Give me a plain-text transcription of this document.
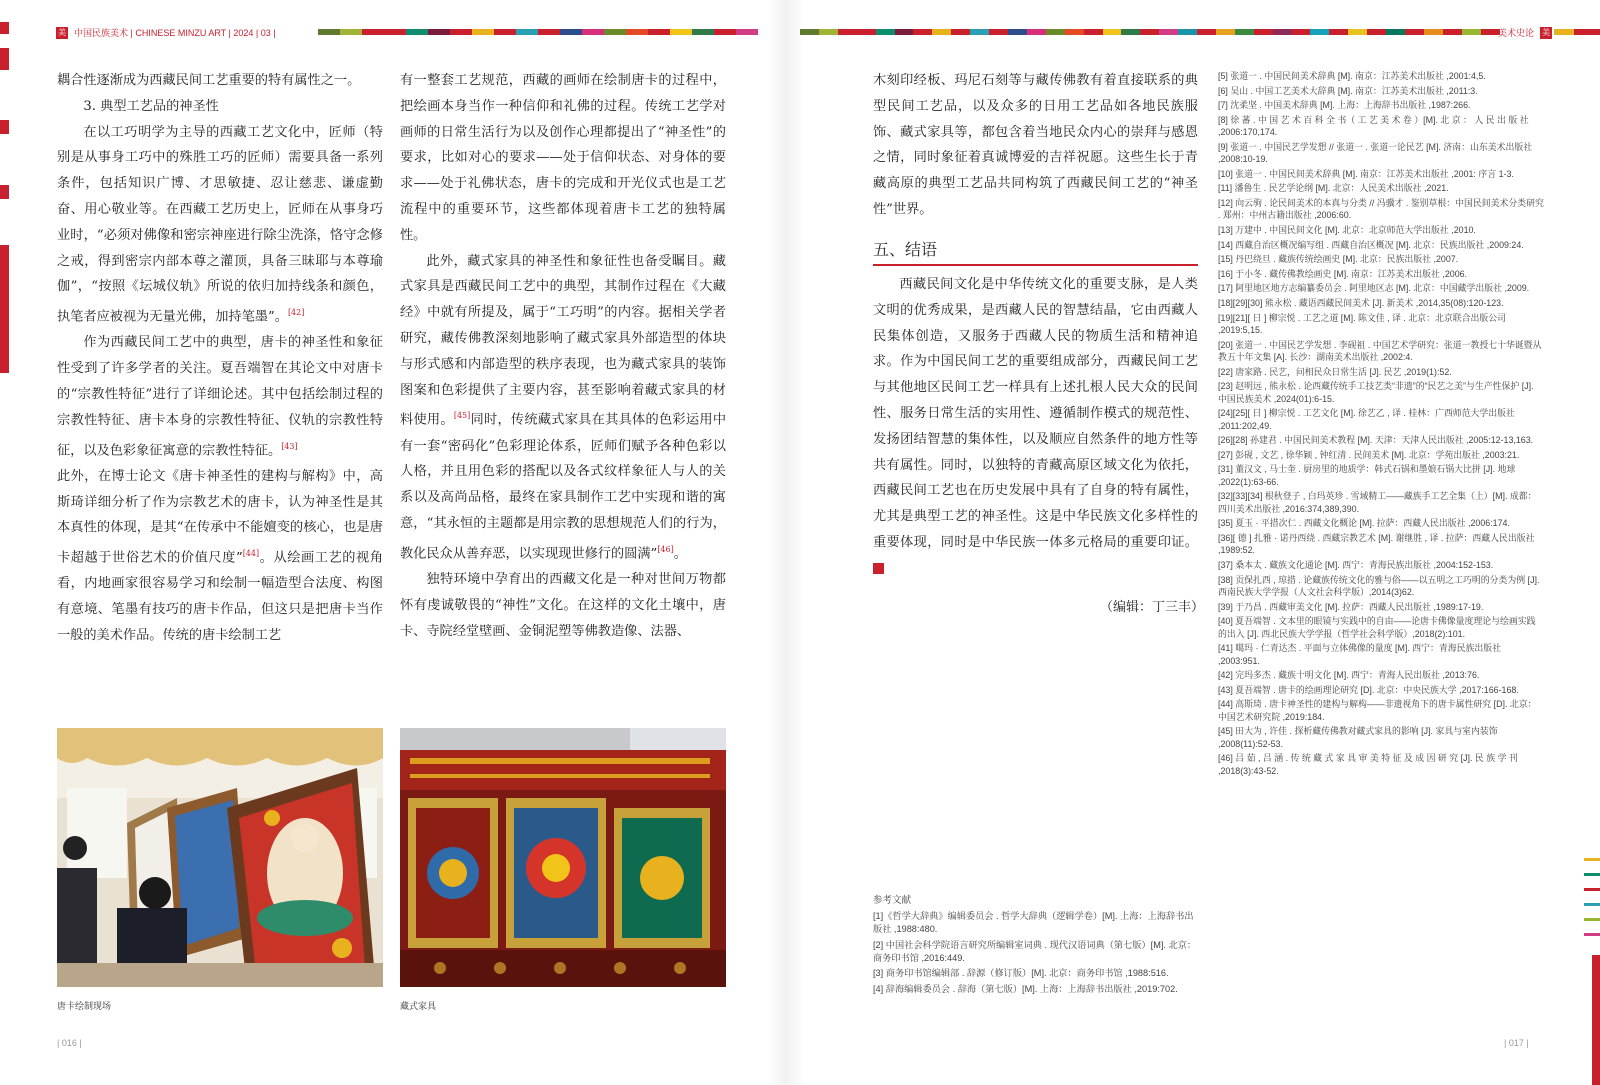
美 中国民族美术 | CHINESE MINZU ART | 2024 | 03 |	美术史论 美

耦合性逐渐成为西藏民间工艺重要的特有属性之一。

3. 典型工艺品的神圣性

在以工巧明学为主导的西藏工艺文化中，匠师（特别是从事身工巧中的殊胜工巧的匠师）需要具备一系列条件，包括知识广博、才思敏捷、忍让慈悲、谦虚勤奋、用心敬业等。在西藏工艺历史上，匠师在从事身巧业时，“必须对佛像和密宗神座进行除尘洗涤，恪守念修之戒，得到密宗内部本尊之灌顶，具备三昧耶与本尊瑜伽”，“按照《坛城仪轨》所说的依归加持线条和颜色，执笔者应被视为无量光佛，加持笔墨”。[42]

作为西藏民间工艺中的典型，唐卡的神圣性和象征性受到了许多学者的关注。夏吾端智在其论文中对唐卡的“宗教性特征”进行了详细论述。其中包括绘制过程的宗教性特征、唐卡本身的宗教性特征、仪轨的宗教性特征，以及色彩象征寓意的宗教性特征。[43]

此外，在博士论文《唐卡神圣性的建构与解构》中，高斯琦详细分析了作为宗教艺术的唐卡，认为神圣性是其本真性的体现，是其“在传承中不能嬗变的核心，也是唐卡超越于世俗艺术的价值尺度”[44]。从绘画工艺的视角看，内地画家很容易学习和绘制一幅造型合法度、构图有意境、笔墨有技巧的唐卡作品，但这只是把唐卡当作一般的美术作品。传统的唐卡绘制工艺

有一整套工艺规范，西藏的画师在绘制唐卡的过程中，把绘画本身当作一种信仰和礼佛的过程。传统工艺学对画师的日常生活行为以及创作心理都提出了“神圣性”的要求，比如对心的要求——处于信仰状态、对身体的要求——处于礼佛状态，唐卡的完成和开光仪式也是工艺流程中的重要环节，这些都体现着唐卡工艺的独特属性。

此外，藏式家具的神圣性和象征性也备受瞩目。藏式家具是西藏民间工艺中的典型，其制作过程在《大藏经》中就有所提及，属于“工巧明”的内容。据相关学者研究，藏传佛教深刻地影响了藏式家具外部造型的体块与形式感和内部造型的秩序表现，也为藏式家具的装饰图案和色彩提供了主要内容，甚至影响着藏式家具的材料使用。[45]同时，传统藏式家具在其具体的色彩运用中有一套“密码化”色彩理论体系，匠师们赋予各种色彩以人格，并且用色彩的搭配以及各式纹样象征人与人的关系以及高尚品格，最终在家具制作工艺中实现和谐的寓意，“其永恒的主题都是用宗教的思想规范人们的行为，教化民众从善弃恶，以实现现世修行的圆满”[46]。

独特环境中孕育出的西藏文化是一种对世间万物都怀有虔诚敬畏的“神性”文化。在这样的文化土壤中，唐卡、寺院经堂壁画、金铜泥塑等佛教造像、法器、

唐卡绘制现场	藏式家具
| 016 |

木刻印经板、玛尼石刻等与藏传佛教有着直接联系的典型民间工艺品，以及众多的日用工艺品如各地民族服饰、藏式家具等，都包含着当地民众内心的崇拜与感恩之情，同时象征着真诚博爱的吉祥祝愿。这些生长于青藏高原的典型工艺品共同构筑了西藏民间工艺的“神圣性”世界。

五、结语

西藏民间文化是中华传统文化的重要支脉，是人类文明的优秀成果，是西藏人民的智慧结晶，它由西藏人民集体创造，又服务于西藏人民的物质生活和精神追求。作为中国民间工艺的重要组成部分，西藏民间工艺与其他地区民间工艺一样具有上述扎根人民大众的民间性、服务日常生活的实用性、遵循制作模式的规范性、发扬团结智慧的集体性，以及顺应自然条件的地方性等共有属性。同时，以独特的青藏高原区域文化为依托，西藏民间工艺也在历史发展中具有了自身的特有属性，尤其是典型工艺的神圣性。这是中华民族文化多样性的重要体现，同时是中华民族一体多元格局的重要印证。美

（编辑：丁三丰）
参考文献
[1]《哲学大辞典》编辑委员会 . 哲学大辞典（逻辑学卷）[M]. 上海：上海辞书出版社 ,1988:480.
[2] 中国社会科学院语言研究所编辑室词典 . 现代汉语词典（第七版）[M]. 北京：商务印书馆 ,2016:449.
[3] 商务印书馆编辑部 . 辞源（修订版）[M]. 北京：商务印书馆 ,1988:516.
[4] 辞海编辑委员会 . 辞海（第七版）[M]. 上海：上海辞书出版社 ,2019:702.
[5] 张道一 . 中国民间美术辞典 [M]. 南京：江苏美术出版社 ,2001:4,5.
[6] 吴山 . 中国工艺美术大辞典 [M]. 南京：江苏美术出版社 ,2011:3.
[7] 沈柔坚 . 中国美术辞典 [M]. 上海：上海辞书出版社 ,1987:266.
[8] 徐 蕃 . 中 国 艺 术 百 科 全 书（ 工 艺 美 术 卷 ）[M]. 北 京 ： 人 民 出 版 社 ,2006:170,174.
[9] 张道一 . 中国民艺学发想 // 张道一 . 张道一论民艺 [M]. 济南：山东美术出版社 ,2008:10-19.
[10] 张道一 . 中国民间美术辞典 [M]. 南京：江苏美术出版社 ,2001: 序言 1-3.
[11] 潘鲁生 . 民艺学论纲 [M]. 北京：人民美术出版社 ,2021.
[12] 向云驹 . 论民间美术的本真与分类 // 冯骥才 . 鉴别草根：中国民间美术分类研究 . 郑州：中州古籍出版社 ,2006:60.
[13] 万建中 . 中国民间文化 [M]. 北京：北京师范大学出版社 ,2010.
[14] 西藏自治区概况编写组 . 西藏自治区概况 [M]. 北京：民族出版社 ,2009:24.
[15] 丹巴绕旦 . 藏族传统绘画史 [M]. 北京：民族出版社 ,2007.
[16] 于小冬 . 藏传佛教绘画史 [M]. 南京：江苏美术出版社 ,2006.
[17] 阿里地区地方志编纂委员会 . 阿里地区志 [M]. 北京：中国藏学出版社 ,2009.
[18][29][30] 熊永松 . 藏语西藏民间美术 [J]. 新美术 ,2014,35(08):120-123.
[19][21][ 日 ] 柳宗悦 . 工艺之道 [M]. 陈文佳 , 译 . 北京：北京联合出版公司 ,2019:5,15.
[20] 张道一 . 中国民艺学发想 . 李砚祖 . 中国艺术学研究：张道一教授七十华诞暨从教五十年文集 [A]. 长沙：湖南美术出版社 ,2002:4.
[22] 唐家路 . 民艺，问相民众日常生活 [J]. 民艺 ,2019(1):52.
[23] 赵明远 , 熊永松 . 论西藏传统手工技艺类“非遗”的“民艺之美”与生产性保护 [J]. 中国民族美术 ,2024(01):6-15.
[24][25][ 日 ] 柳宗悦 . 工艺文化 [M]. 徐艺乙 , 译 . 桂林：广西师范大学出版社 ,2011:202,49.
[26][28] 孙建君 . 中国民间美术教程 [M]. 天津：天津人民出版社 ,2005:12-13,163.
[27] 彭砚 , 文艺 , 徐华颖 , 钟红清 . 民间美术 [M]. 北京：学苑出版社 ,2003:21.
[31] 董汉文 , 马士奎 . 厨房里的地质学：韩式石锅和墨娘石锅大比拼 [J]. 地球 ,2022(1):63-66.
[32][33][34] 根秋登子 , 白玛英珍 . 雪域精工——藏族手工艺全集（上）[M]. 成都：四川美术出版社 ,2016:374,389,390.
[35] 夏玉 · 平措次仁 . 西藏文化概论 [M]. 拉萨：西藏人民出版社 ,2006:174.
[36][ 德 ] 扎雅 · 诺丹西绕 . 西藏宗教艺术 [M]. 谢继胜 , 译 . 拉萨：西藏人民出版社 ,1989:52.
[37] 桑本太 . 藏族文化通论 [M]. 西宁：青海民族出版社 ,2004:152-153.
[38] 贡保扎西 , 琼措 . 论藏族传统文化的雅与俗——以五明之工巧明的分类为例 [J]. 西南民族大学学报（人文社会科学版）,2014(3)62.
[39] 于乃昌 . 西藏审美文化 [M]. 拉萨：西藏人民出版社 ,1989:17-19.
[40] 夏吾端智 . 文本里的眼镜与实践中的自由——论唐卡佛像量度理论与绘画实践的出入 [J]. 西北民族大学学报（哲学社会科学版）,2018(2):101.
[41] 噶玛 · 仁青达杰 . 平面与立体佛像的量度 [M]. 西宁：青海民族出版社 ,2003:951.
[42] 完玛多杰 . 藏族十明文化 [M]. 西宁：青海人民出版社 ,2013:76.
[43] 夏吾端智 . 唐卡的绘画理论研究 [D]. 北京：中央民族大学 ,2017:166-168.
[44] 高斯琦 . 唐卡神圣性的建构与解构——非遗视角下的唐卡属性研究 [D]. 北京：中国艺术研究院 ,2019:184.
[45] 田大为 , 许佳 . 探析藏传佛教对藏式家具的影响 [J]. 家具与室内装饰 ,2008(11):52-53.
[46] 吕 茹 , 吕 涵 . 传 统 藏 式 家 具 审 美 特 征 及 成 因 研 究 [J]. 民 族 学 刊 ,2018(3):43-52.
| 017 |
